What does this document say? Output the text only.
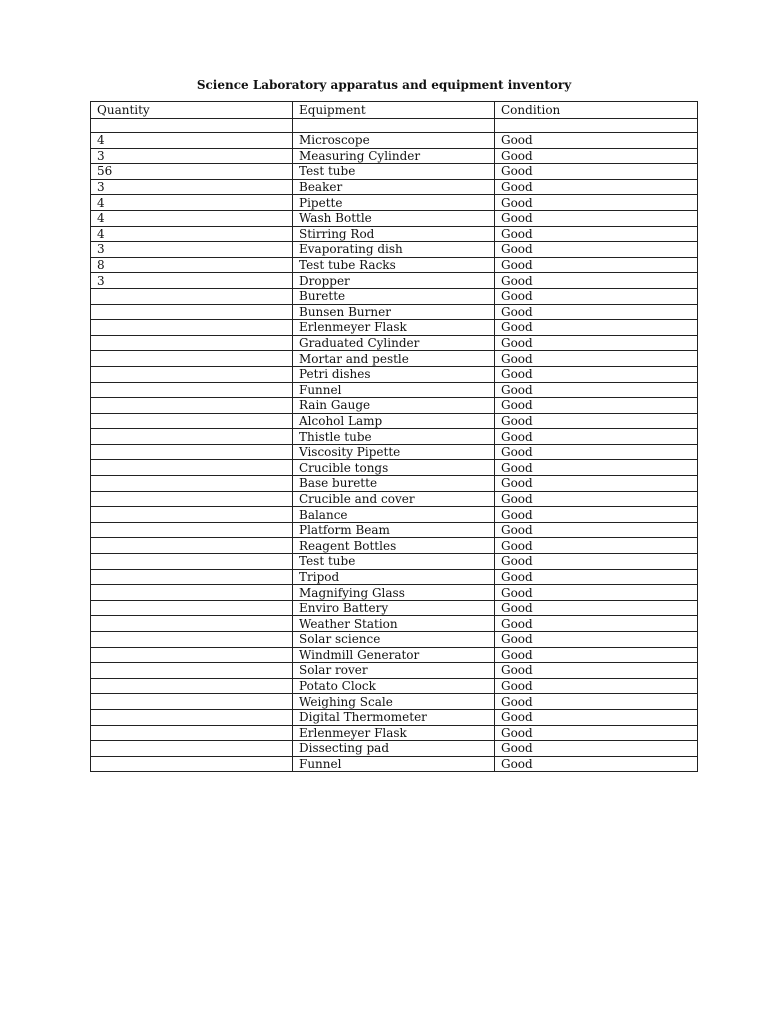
Science Laboratory apparatus and equipment inventory
Quantity	Equipment	Condition

4	Microscope	Good
3	Measuring Cylinder	Good
56	Test tube	Good
3	Beaker	Good
4	Pipette	Good
4	Wash Bottle	Good
4	Stirring Rod	Good
3	Evaporating dish	Good
8	Test tube Racks	Good
3	Dropper	Good
	Burette	Good
	Bunsen Burner	Good
	Erlenmeyer Flask	Good
	Graduated Cylinder	Good
	Mortar and pestle	Good
	Petri dishes	Good
	Funnel	Good
	Rain Gauge	Good
	Alcohol Lamp	Good
	Thistle tube	Good
	Viscosity Pipette	Good
	Crucible tongs	Good
	Base burette	Good
	Crucible and cover	Good
	Balance	Good
	Platform Beam	Good
	Reagent Bottles	Good
	Test tube	Good
	Tripod	Good
	Magnifying Glass	Good
	Enviro Battery	Good
	Weather Station	Good
	Solar science	Good
	Windmill Generator	Good
	Solar rover	Good
	Potato Clock	Good
	Weighing Scale	Good
	Digital Thermometer	Good
	Erlenmeyer Flask	Good
	Dissecting pad	Good
	Funnel	Good
